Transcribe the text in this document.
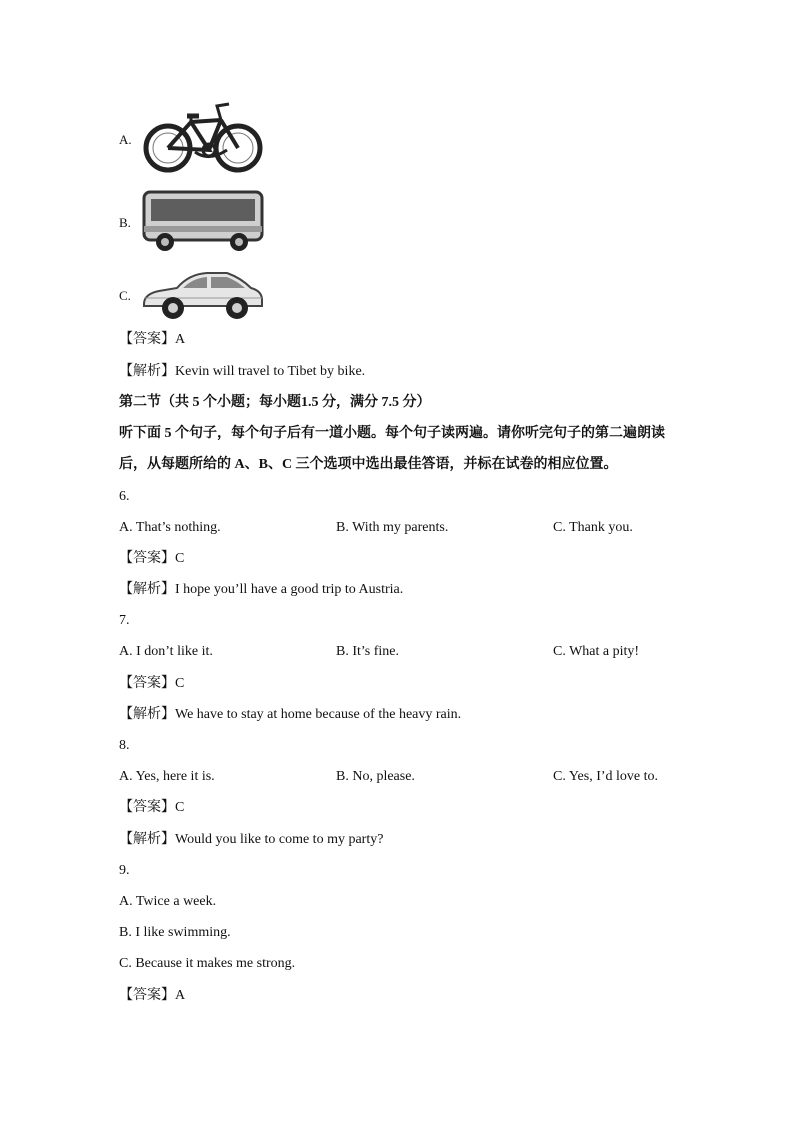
A.
B.
C.
【答案】A
【解析】Kevin will travel to Tibet by bike.
第二节（共 5 个小题；每小题1.5 分，满分 7.5 分）
听下面 5 个句子，每个句子后有一道小题。每个句子读两遍。请你听完句子的第二遍朗读
后，从每题所给的 A、B、C 三个选项中选出最佳答语，并标在试卷的相应位置。
6.
A. That’s nothing.	B. With my parents.	C. Thank you.
【答案】C
【解析】I hope you’ll have a good trip to Austria.
7.
A. I don’t like it.	B. It’s fine.	C. What a pity!
【答案】C
【解析】We have to stay at home because of the heavy rain.
8.
A. Yes, here it is.	B. No, please.	C. Yes, I’d love to.
【答案】C
【解析】Would you like to come to my party?
9.
A. Twice a week.
B. I like swimming.
C. Because it makes me strong.
【答案】A
